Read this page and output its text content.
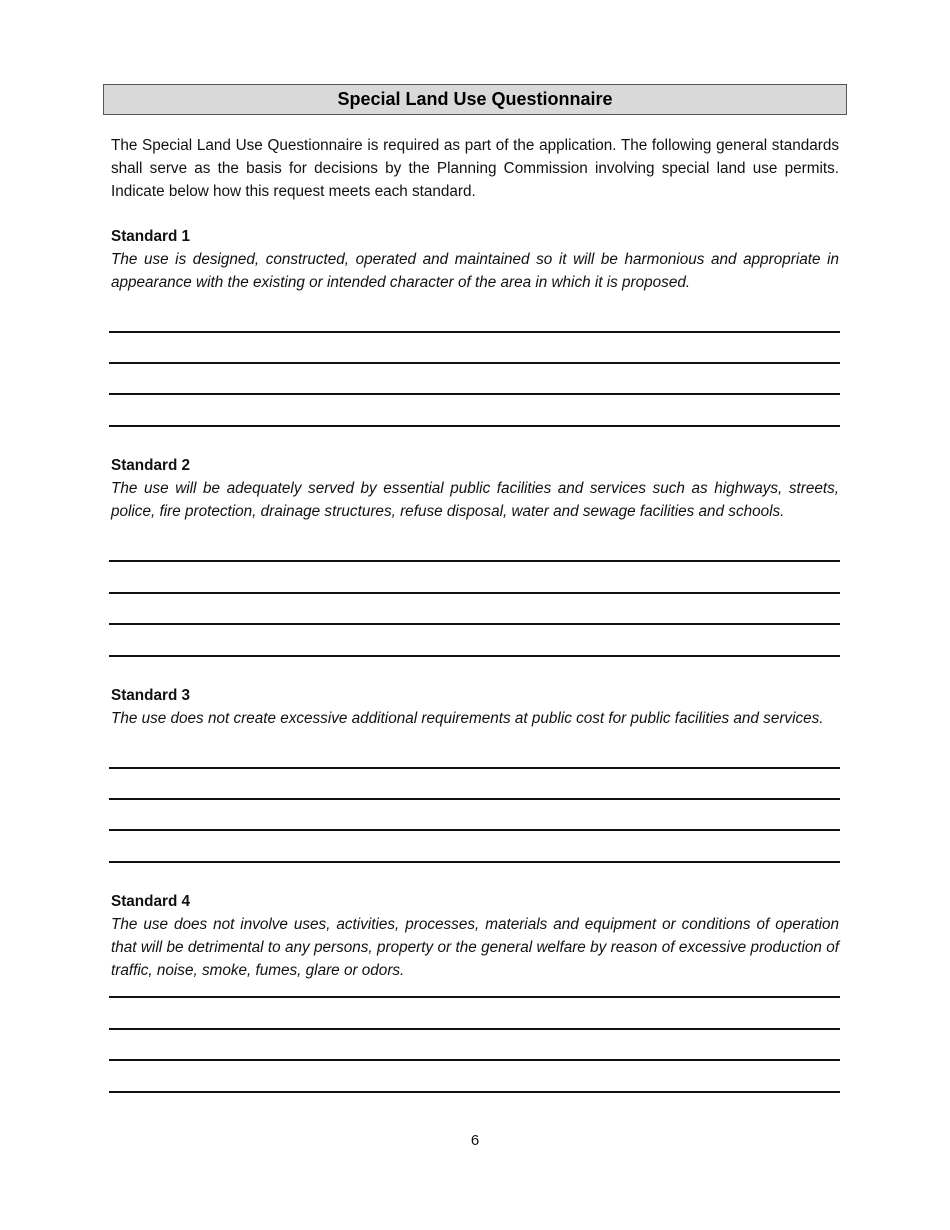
Special Land Use Questionnaire

The Special Land Use Questionnaire is required as part of the application. The following general standards shall serve as the basis for decisions by the Planning Commission involving special land use permits. Indicate below how this request meets each standard.

Standard 1
The use is designed, constructed, operated and maintained so it will be harmonious and appropriate in appearance with the existing or intended character of the area in which it is proposed.
Standard 2
The use will be adequately served by essential public facilities and services such as highways, streets, police, fire protection, drainage structures, refuse disposal, water and sewage facilities and schools.
Standard 3
The use does not create excessive additional requirements at public cost for public facilities and services.
Standard 4
The use does not involve uses, activities, processes, materials and equipment or conditions of operation that will be detrimental to any persons, property or the general welfare by reason of excessive production of traffic, noise, smoke, fumes, glare or odors.
6
